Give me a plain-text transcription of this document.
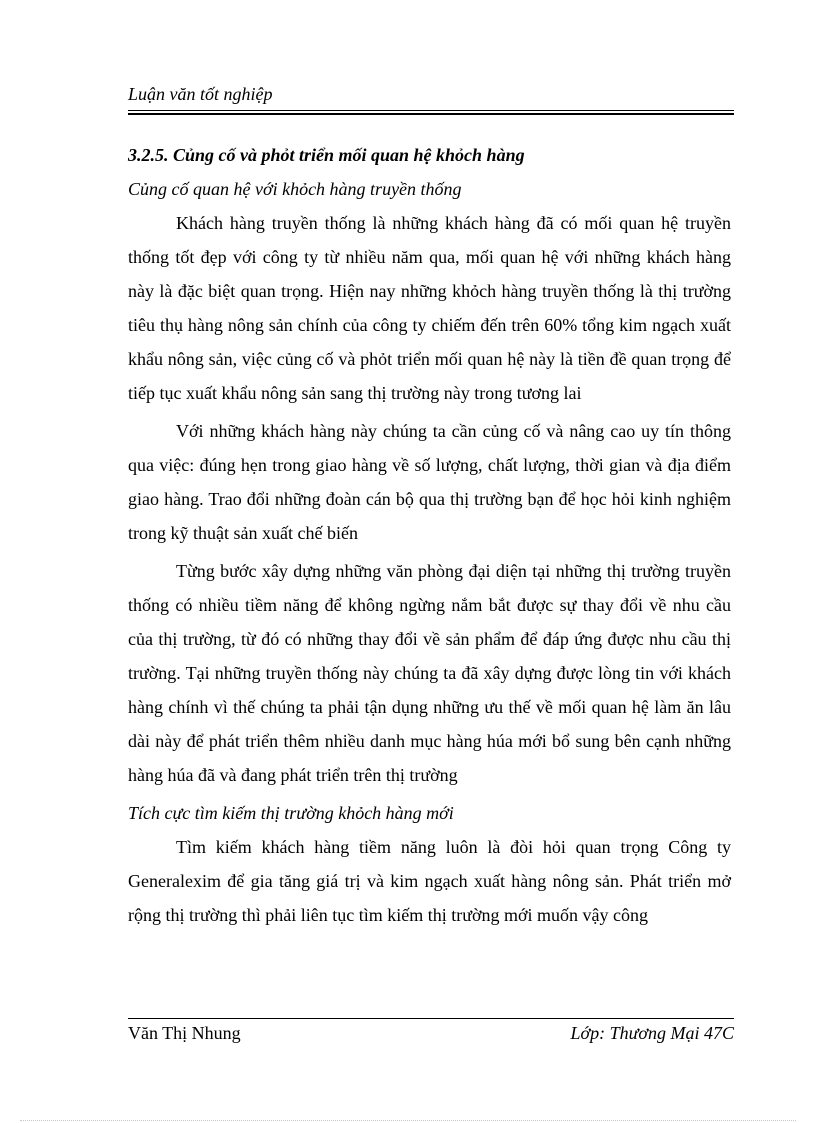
Luận văn tốt nghiệp

3.2.5. Củng cố và phỏt triển mối quan hệ khỏch hàng

Củng cố quan hệ với khỏch hàng truyền thống

Khách hàng truyền thống là những khách hàng đã có mối quan hệ truyền thống tốt đẹp với công ty từ nhiều năm qua, mối quan hệ với những khách hàng này là đặc biệt quan trọng. Hiện nay những khỏch hàng truyền thống là thị trường tiêu thụ hàng nông sản chính của công ty chiếm đến trên 60% tổng kim ngạch xuất khẩu nông sản, việc củng cố và phỏt triển mối quan hệ này là tiền đề quan trọng để tiếp tục xuất khẩu nông sản sang thị trường này trong tương lai

Với những khách hàng này chúng ta cần củng cố và nâng cao uy tín thông qua việc: đúng hẹn trong giao hàng về số lượng, chất lượng, thời gian và địa điểm giao hàng. Trao đổi những đoàn cán bộ qua thị trường bạn để học hỏi kinh nghiệm trong kỹ thuật sản xuất chế biến

Từng bước xây dựng những văn phòng đại diện tại những thị trường truyền thống có nhiều tiềm năng để không ngừng nắm bắt được sự thay đổi về nhu cầu của thị trường, từ đó có những thay đổi về sản phẩm để đáp ứng được nhu cầu thị trường. Tại những truyền thống này chúng ta đã xây dựng được lòng tin với khách hàng chính vì thế chúng ta phải tận dụng những ưu thế về mối quan hệ làm ăn lâu dài này để phát triển thêm nhiều danh mục hàng húa mới bổ sung bên cạnh những hàng húa đã và đang phát triển trên thị trường

Tích cực tìm kiếm thị trường khỏch hàng mới

Tìm kiếm khách hàng tiềm năng luôn là đòi hỏi quan trọng Công ty Generalexim để gia tăng giá trị và kim ngạch xuất hàng nông sản. Phát triển mở rộng thị trường thì phải liên tục tìm kiếm thị trường mới muốn vậy công

Văn Thị Nhung	Lớp: Thương Mại 47C
